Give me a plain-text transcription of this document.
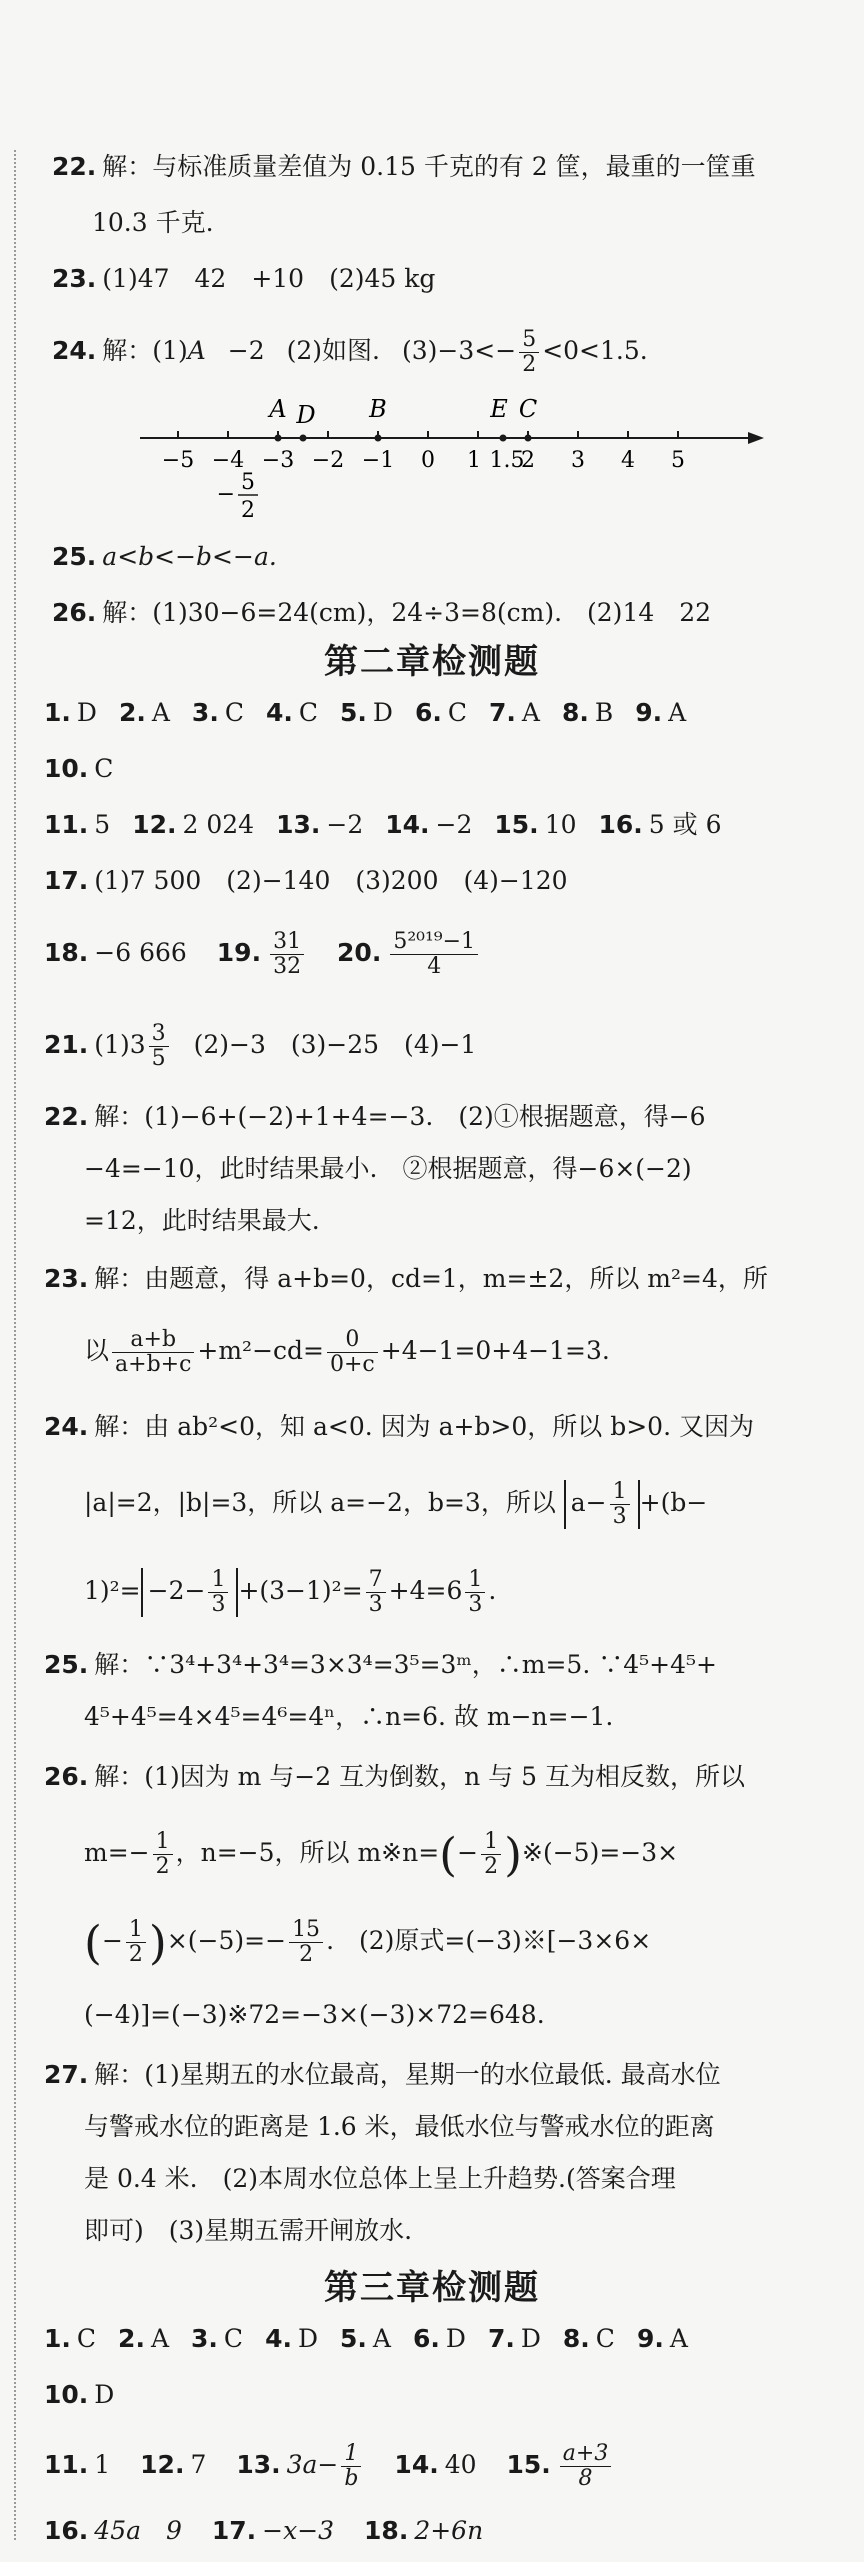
22. 解：与标准质量差值为 0.15 千克的有 2 筐，最重的一筐重
10.3 千克.
23. (1)47　42　+10　(2)45 kg
24. 解：(1)A −2 (2)如图. $(3)-3<- \frac{5}{2} <0<1.5$.
−5 −4 −3 −2 −1 0 1 2 3 4 5
A D B	E C
1.5
− 5
2
25. a<b<−b<−a.
26. 解：(1)30−6=24(cm)，24÷3=8(cm).　(2)14　22
第二章检测题
1. D 2. A 3. C 4. C 5. D 6. C 7. A 8. B 9. A
10. C
11. 5 12. 2 024 13. −2 14. −2 15. 10 16. 5 或 6
17. (1)7 500　(2)−140　(3)200　(4)−120
18. −6 666 19. $\frac{31}{32} 20$. $\frac{\text{5²⁰¹⁹−1}}{4}$
21. $(1)3 \frac{3}{5} (2)-3$　(3)−25　(4)−1
22. 解：(1)−6+(−2)+1+4=−3.　(2)①根据题意，得−6
−4=−10，此时结果最小.　②根据题意，得−6×(−2)
=12，此时结果最大.
23. 解：由题意，得 a+b=0，cd=1，m=±2，所以 m²=4，所
以 $\frac{a+b}{a+b+c} +m^2-cd= \frac{0}{0+c} +4-1=0+4-1=3$.
24. 解：由 ab²<0，知 a<0. 因为 a+b>0，所以 b>0. 又因为
|a|=2，|b|=3，所以 a=−2，b=3，所以 $a- \frac{1}{3} +(b-$
$1)^2= -2- \frac{1}{3} +(3-1)^2= \frac{7}{3} +4=6 \frac{1}{3}$ .
25. 解：∵3⁴+3⁴+3⁴=3×3⁴=3⁵=3ᵐ，∴m=5. ∵4⁵+4⁵+
4⁵+4⁵=4×4⁵=4⁶=4ⁿ，∴n=6. 故 m−n=−1.
26. 解：(1)因为 m 与−2 互为倒数，n 与 5 互为相反数，所以
$m=- \frac{1}{2}$ ，n=−5，所以 m※n=(− $\frac{1}{2}$ )※(−5)=−3×
(− $\frac{1}{2} )\times(-5)=- \frac{15}{2}$ .　(2)原式=(−3)※[−3×6×
(−4)]=(−3)※72=−3×(−3)×72=648.
27. 解：(1)星期五的水位最高，星期一的水位最低. 最高水位
与警戒水位的距离是 1.6 米，最低水位与警戒水位的距离
是 0.4 米.　(2)本周水位总体上呈上升趋势.(答案合理
即可)　(3)星期五需开闸放水.
第三章检测题
1. C 2. A 3. C 4. D 5. A 6. D 7. D 8. C 9. A
10. D
11. 1 12. 7 13. $3a- \frac{1}{b} 14$. 40 15. $\frac{a+3}{8}$
16. 45a　9 17. −x−3 18. 2+6n
